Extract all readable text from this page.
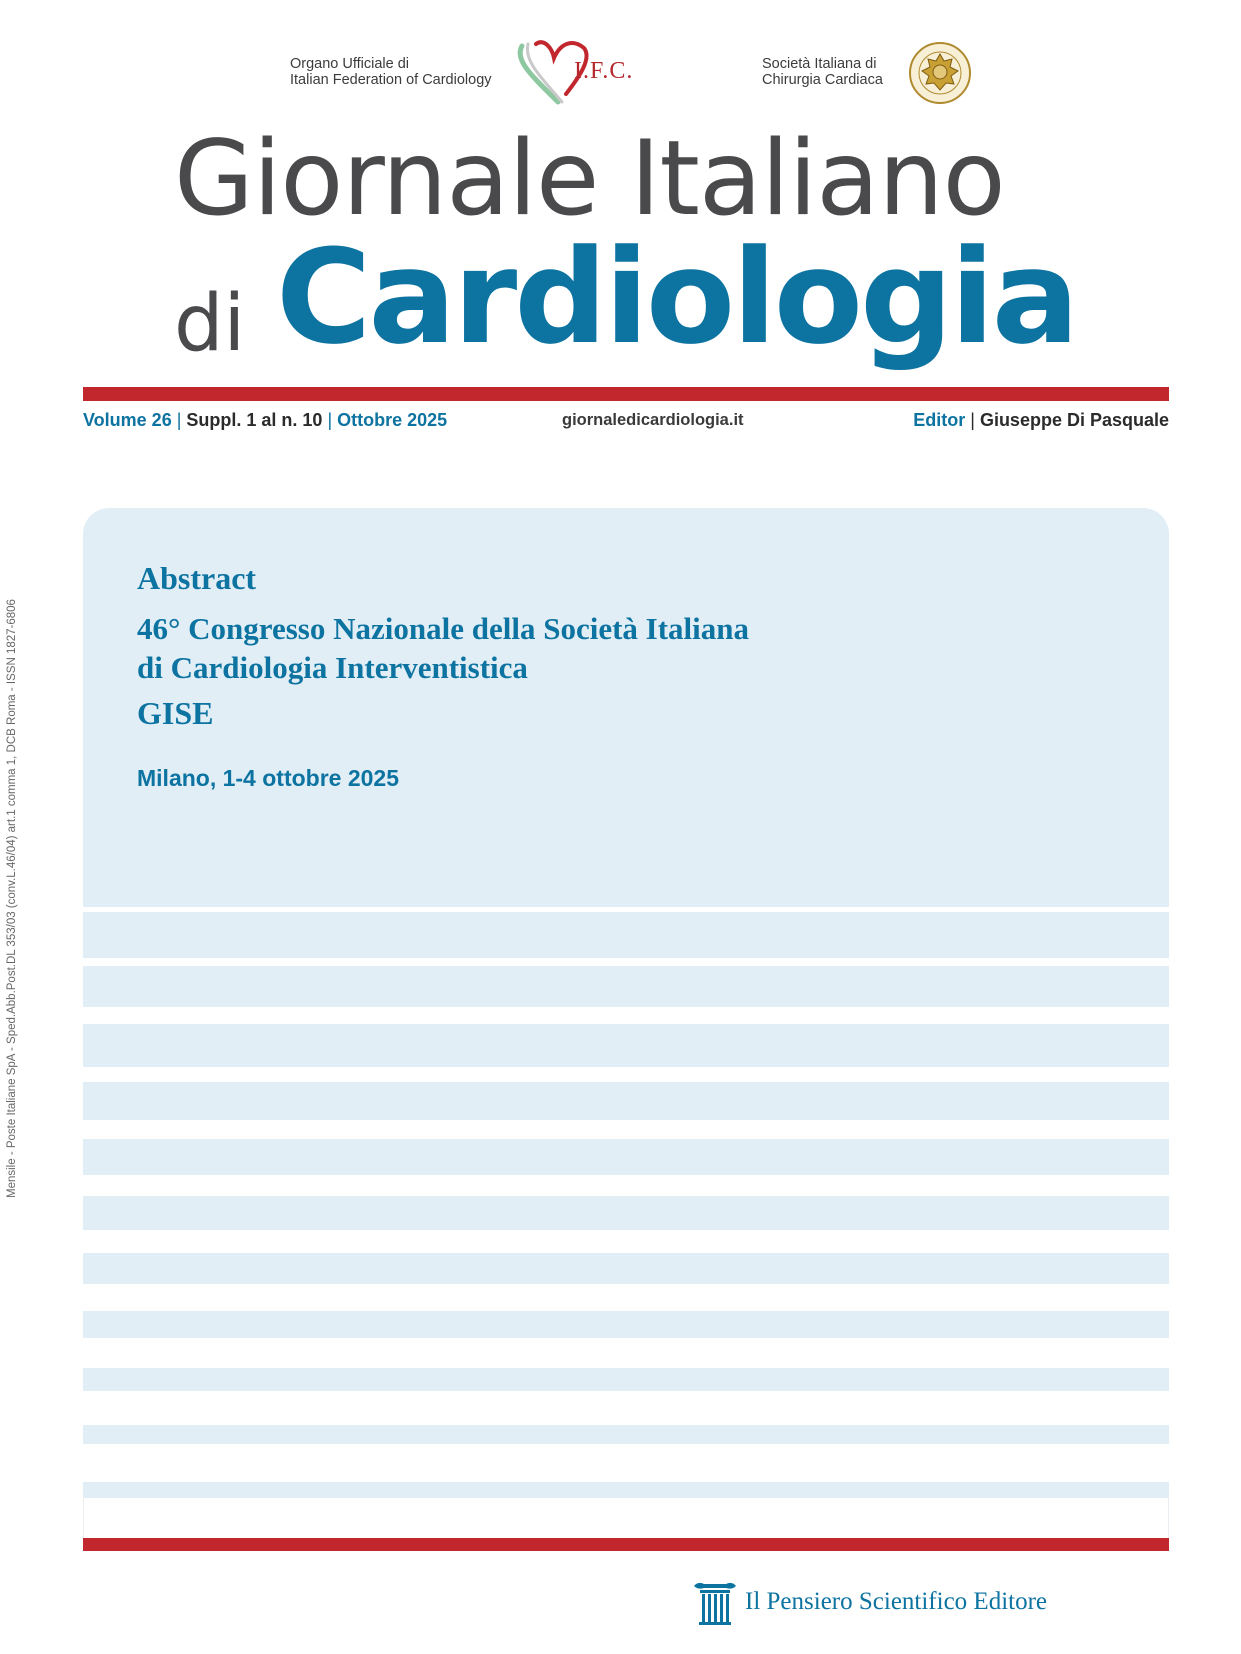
Organo Ufficiale di
Italian Federation of Cardiology	I.F.C.	Società Italiana di
Chirurgia Cardiaca
Giornale Italiano
di Cardiologia
Volume 26 | Suppl. 1 al n. 10 | Ottobre 2025	giornaledicardiologia.it	Editor | Giuseppe Di Pasquale
Mensile - Poste Italiane SpA - Sped.Abb.Post.DL 353/03 (conv.L.46/04) art.1 comma 1, DCB Roma - ISSN 1827-6806
Abstract
46° Congresso Nazionale della Società Italiana
di Cardiologia Interventistica
GISE
Milano, 1-4 ottobre 2025
Il Pensiero Scientifico Editore
